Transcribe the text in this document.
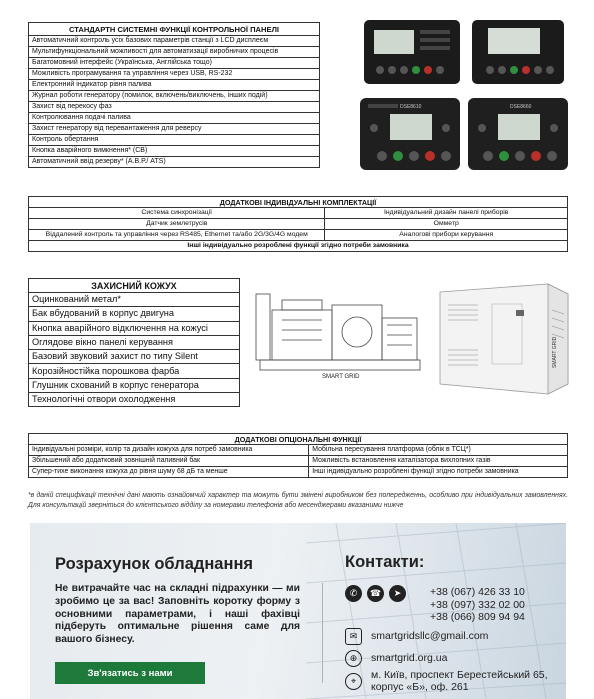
СТАНДАРТН СИСТЕМНІ ФУНКЦІЇ КОНТРОЛЬНОЇ ПАНЕЛІ
Автоматичний контроль усіх базових параметрів станції з LCD дисплеєм
Мультифункціональний можливості для автоматизації виробничих процесів
Багатомовний інтерфейс (Українська, Англійська тощо)
Можливість програмування та управління через USB, RS-232
Електронний індикатор рівня палива
Журнал роботи генератору (помилок, включень/виключень, інших подій)
Захист від перекосу фаз
Контролювання подачі палива
Захист генератору від перевантаження для реверсу
Контроль обертання
Кнопка аварійного вимкнення* (СВ)
Автоматичний ввід резерву* (А.В.Р./ ATS)
DSE8610	DSE8660
ДОДАТКОВІ ІНДИВІДУАЛЬНІ КОМПЛЕКТАЦІЇ	
Система синхронізації	Індивідуальний дизайн панелі приборів
Датчик землетрусів	Омметр
Віддалений контроль та управління через RS485, Ethernet та/або 2G/3G/4G модем	Аналогові прибори керування
Інші індивідуально розроблені функції згідно потреби замовника	
ЗАХИСНИЙ КОЖУХ
Оцинкований метал*
Бак вбудований в корпус двигуна
Кнопка аварійного відключення на кожусі
Оглядове вікно панелі керування
Базовий звуковий захист по типу Silent
Корозійностійка порошкова фарба
Глушник схований в корпус генератора
Технологічні отвори охолодження
SMART GRID
SMART GRID
ДОДАТКОВІ ОПЦІОНАЛЬНІ ФУНКЦІЇ	
Індивідуальні розміри, колір та дизайн кожуха для потреб замовника	Мобільна пересування платформа (облік в ТСЦ*)
Збільшений або додатковий зовнішній паливний бак	Можливість встановлення каталізатора вихлопних газів
Супер-тихе виконання кожуха до рівня шуму 68 дБ та менше	Інші індивідуально розроблені функції згідно потреби замовника

*в даній специфікації технічні дані мають ознайомчий характер та можуть бути змінені виробником без попередженнь, особливо при індивідуальних замовленнях. Для консультацій зверніться до клієнтського відділу за номерами телефонів або месенджерами вказаними нижче

Розрахунок обладнання
Не витрачайте час на складні підрахунки — ми зробимо це за вас! Заповніть коротку форму з основними параметрами, і наші фахівці підберуть оптимальне рішення саме для вашого бізнесу.
Зв'язатись з нами
Контакти:
✆	☎	➤	+38 (067) 426 33 10
+38 (097) 332 02 00
+38 (066) 809 94 94
✉	smartgridsllc@gmail.com
⊕	smartgrid.org.ua
⌖	м. Київ, проспект Берестейський 65,
корпус «Б», оф. 261
